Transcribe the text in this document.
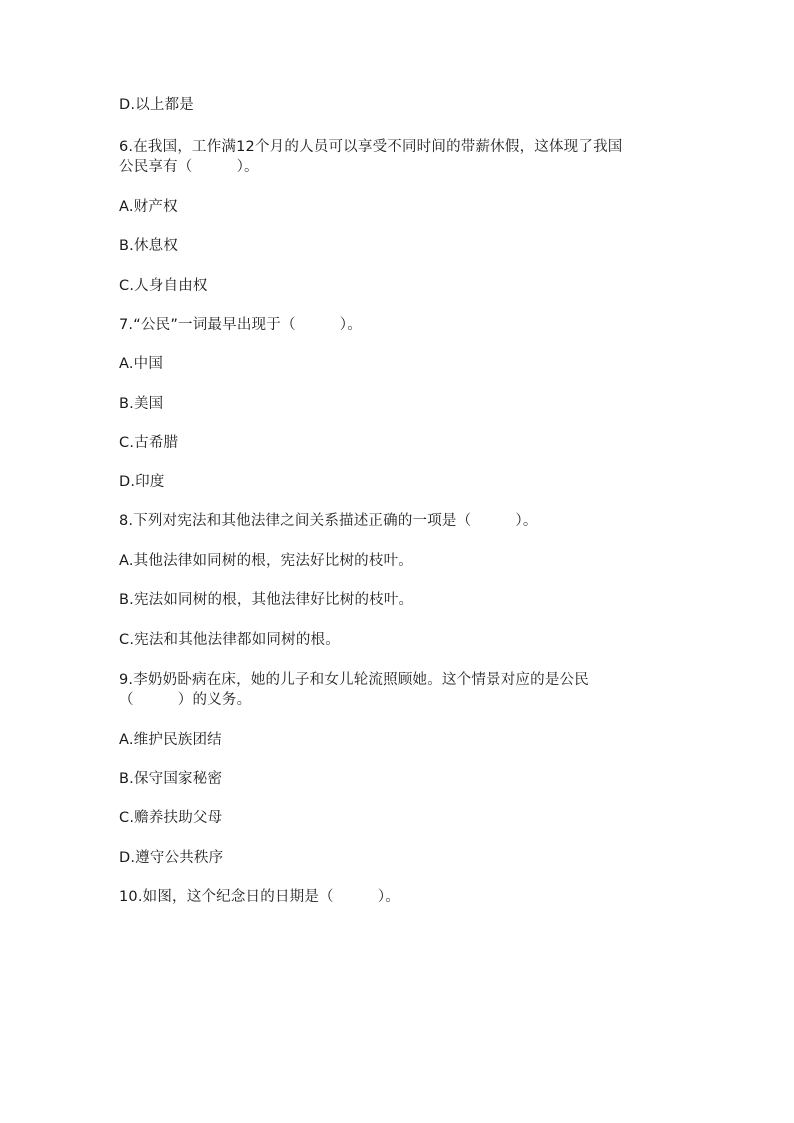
D.以上都是
6.在我国，工作满12个月的人员可以享受不同时间的带薪休假，这体现了我国
公民享有（　　　）。
A.财产权
B.休息权
C.人身自由权
7.“公民”一词最早出现于（　　　）。
A.中国
B.美国
C.古希腊
D.印度
8.下列对宪法和其他法律之间关系描述正确的一项是（　　　）。
A.其他法律如同树的根，宪法好比树的枝叶。
B.宪法如同树的根，其他法律好比树的枝叶。
C.宪法和其他法律都如同树的根。
9.李奶奶卧病在床，她的儿子和女儿轮流照顾她。这个情景对应的是公民
（　　　）的义务。
A.维护民族团结
B.保守国家秘密
C.赡养扶助父母
D.遵守公共秩序
10.如图，这个纪念日的日期是（　　　）。
